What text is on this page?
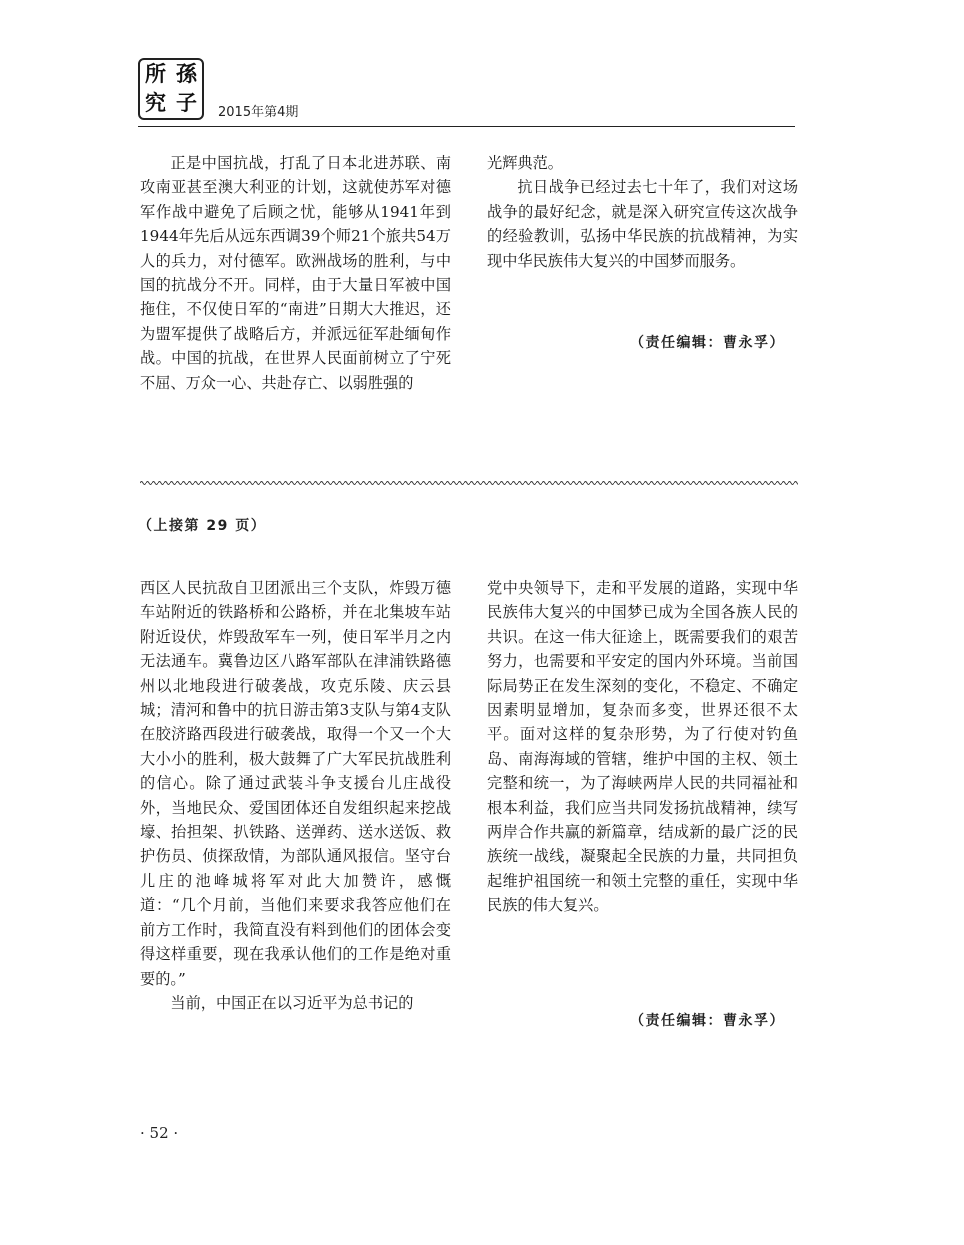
所 孫
究 子	2015年第4期

正是中国抗战，打乱了日本北进苏联、南攻南亚甚至澳大利亚的计划，这就使苏军对德军作战中避免了后顾之忧，能够从1941年到1944年先后从远东西调39个师21个旅共54万人的兵力，对付德军。欧洲战场的胜利，与中国的抗战分不开。同样，由于大量日军被中国拖住，不仅使日军的“南进”日期大大推迟，还为盟军提供了战略后方，并派远征军赴缅甸作战。中国的抗战，在世界人民面前树立了宁死不屈、万众一心、共赴存亡、以弱胜强的

光辉典范。

抗日战争已经过去七十年了，我们对这场战争的最好纪念，就是深入研究宣传这次战争的经验教训，弘扬中华民族的抗战精神，为实现中华民族伟大复兴的中国梦而服务。

（责任编辑：曹永孚）
（上接第 29 页）

西区人民抗敌自卫团派出三个支队，炸毁万德车站附近的铁路桥和公路桥，并在北集坡车站附近设伏，炸毁敌军车一列，使日军半月之内无法通车。冀鲁边区八路军部队在津浦铁路德州以北地段进行破袭战，攻克乐陵、庆云县城；清河和鲁中的抗日游击第3支队与第4支队在胶济路西段进行破袭战，取得一个又一个大大小小的胜利，极大鼓舞了广大军民抗战胜利的信心。除了通过武装斗争支援台儿庄战役外，当地民众、爱国团体还自发组织起来挖战壕、抬担架、扒铁路、送弹药、送水送饭、救护伤员、侦探敌情，为部队通风报信。坚守台儿庄的池峰城将军对此大加赞许，感慨道：“几个月前，当他们来要求我答应他们在前方工作时，我简直没有料到他们的团体会变得这样重要，现在我承认他们的工作是绝对重要的。”

当前，中国正在以习近平为总书记的

党中央领导下，走和平发展的道路，实现中华民族伟大复兴的中国梦已成为全国各族人民的共识。在这一伟大征途上，既需要我们的艰苦努力，也需要和平安定的国内外环境。当前国际局势正在发生深刻的变化，不稳定、不确定因素明显增加，复杂而多变，世界还很不太平。面对这样的复杂形势，为了行使对钓鱼岛、南海海域的管辖，维护中国的主权、领土完整和统一，为了海峡两岸人民的共同福祉和根本利益，我们应当共同发扬抗战精神，续写两岸合作共赢的新篇章，结成新的最广泛的民族统一战线，凝聚起全民族的力量，共同担负起维护祖国统一和领土完整的重任，实现中华民族的伟大复兴。

（责任编辑：曹永孚）
· 52 ·
